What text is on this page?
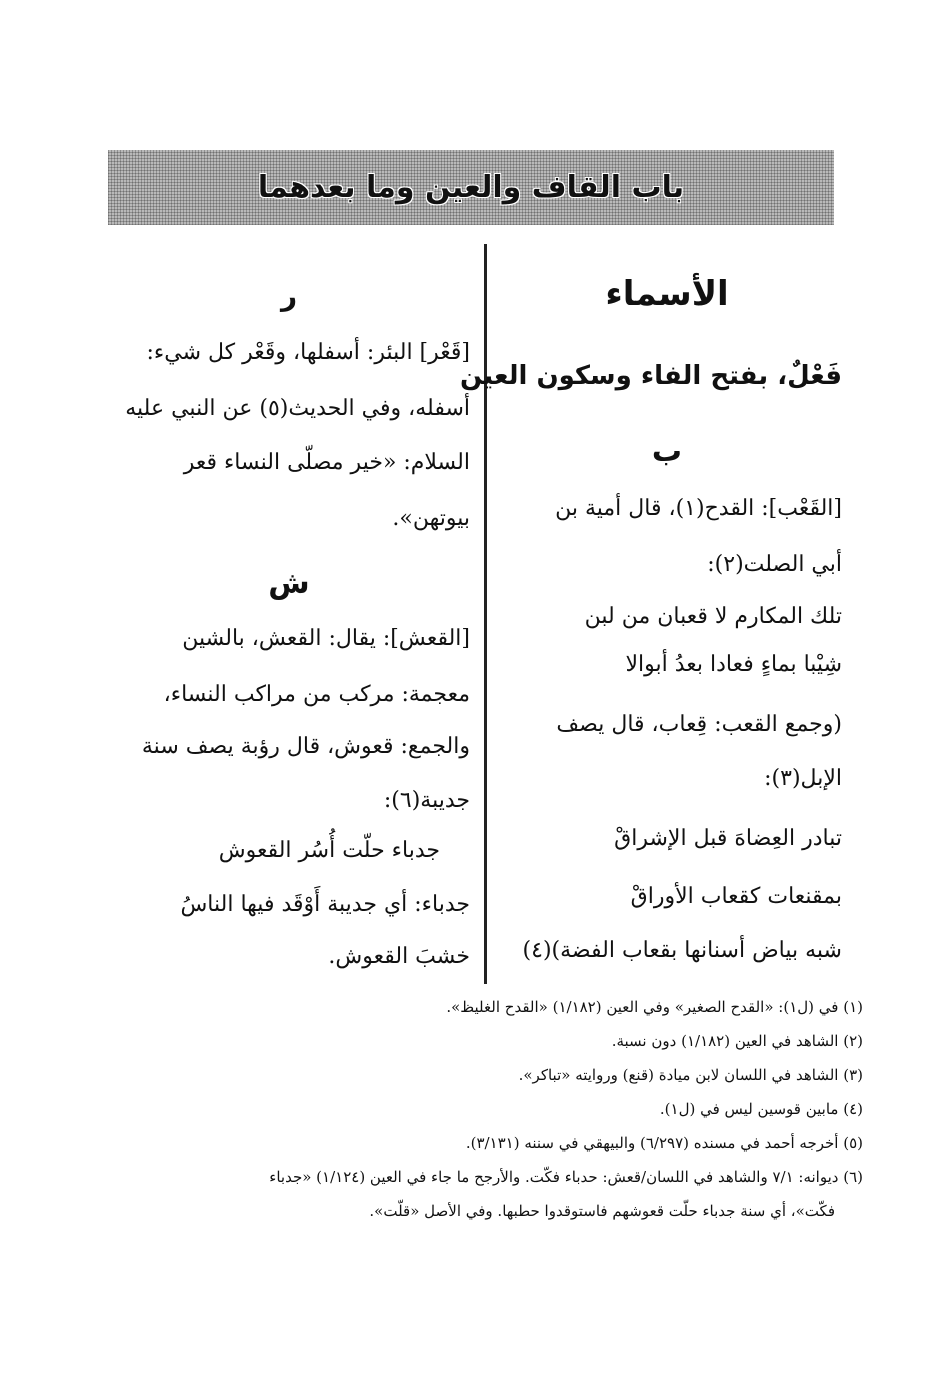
باب القاف والعين وما بعدهما
الأسماء
فَعْلٌ، بفتح الفاء وسكون العين
ب
[القَعْب]: القدح(١)، قال أمية بن
أبي الصلت(٢):
تلك المكارم لا قعبان من لبن
شِيْبا بماءٍ فعادا بعدُ أبوالا
(وجمع القعب: قِعاب، قال يصف
الإبل(٣):
تبادر العِضاهَ قبل الإشراقْ
بمقنعات كقعاب الأوراقْ
شبه بياض أسنانها بقعاب الفضة)(٤)
ر
[قَعْر] البئر: أسفلها، وقَعْر كل شيء:
أسفله، وفي الحديث(٥) عن النبي عليه
السلام: «خير مصلّى النساء قعر
بيوتهن».
ش
[القعش]: يقال: القعش، بالشين
معجمة: مركب من مراكب النساء،
والجمع: قعوش، قال رؤبة يصف سنة
جديبة(٦):
جدباء حلّت أُسُر القعوش
جدباء: أي جديبة أَوْقَد فيها الناسُ
خشبَ القعوش.
(١) في (ل١): «القدح الصغير» وفي العين (١/١٨٢) «القدح الغليظ».
(٢) الشاهد في العين (١/١٨٢) دون نسبة.
(٣) الشاهد في اللسان لابن ميادة (قنع) وروايته «تباكر».
(٤) مابين قوسين ليس في (ل١).
(٥) أخرجه أحمد في مسنده (٦/٢٩٧) والبيهقي في سننه (٣/١٣١).
(٦) ديوانه: ٧/١ والشاهد في اللسان/قعش: حدباء فكّت. والأرجح ما جاء في العين (١/١٢٤) «جدباء
فكّت»، أي سنة جدباء حلّت قعوشهم فاستوقدوا حطبها. وفي الأصل «قلّت».
